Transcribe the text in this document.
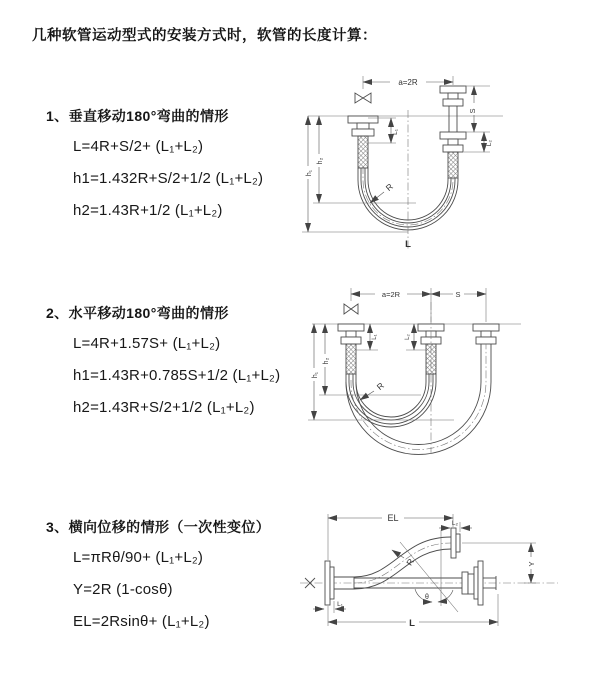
几种软管运动型式的安装方式时，软管的长度计算：
1、垂直移动180°弯曲的情形
L=4R+S/2+ (L₁+L₂)
h1=1.432R+S/2+1/2 (L₁+L₂)
h2=1.43R+1/2 (L₁+L₂)
a=2R
L₁
S
L₂
h₁
h₂
R
L
2、水平移动180°弯曲的情形
L=4R+1.57S+ (L₁+L₂)
h1=1.43R+0.785S+1/2 (L₁+L₂)
h2=1.43R+S/2+1/2 (L₁+L₂)
a=2R	S
L₁	L₂
h₁
h₂
R
3、横向位移的情形（一次性变位）
L=πRθ/90+ (L₁+L₂)
Y=2R (1-cosθ)
EL=2Rsinθ+ (L₁+L₂)
θ
EL
L₂
Y
R
L₁
L
